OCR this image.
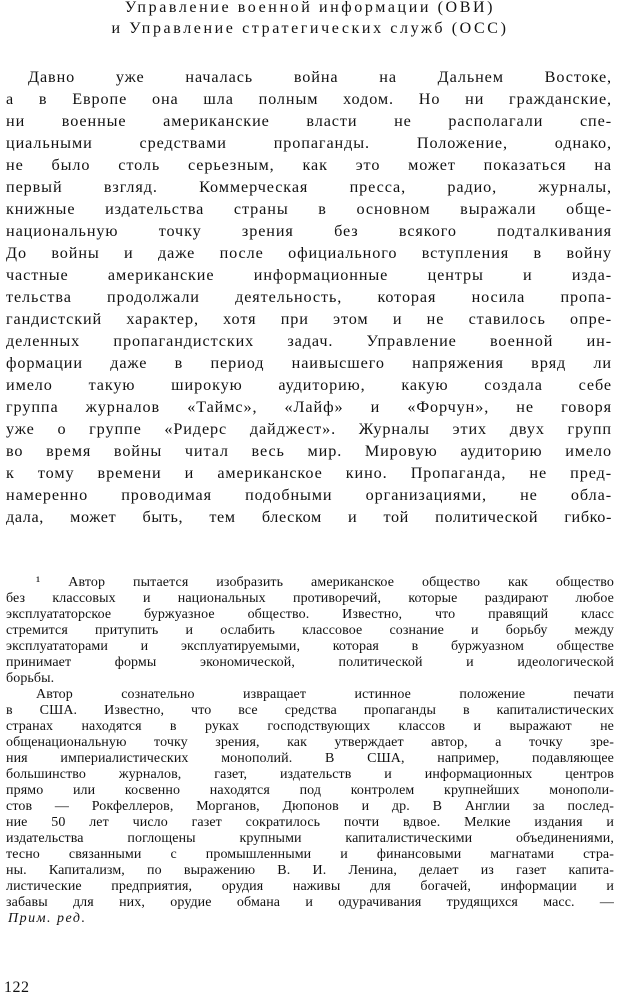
Управление военной информации (ОВИ)
и Управление стратегических служб (ОСС)
Давно уже началась война на Дальнем Востоке,
а в Европе она шла полным ходом. Но ни гражданские,
ни военные американские власти не располагали спе-
циальными средствами пропаганды. Положение, однако,
не было столь серьезным, как это может показаться на
первый взгляд. Коммерческая пресса, радио, журналы,
книжные издательства страны в основном выражали обще-
национальную точку зрения без всякого подталкивания
До войны и даже после официального вступления в войну
частные американские информационные центры и изда-
тельства продолжали деятельность, которая носила пропа-
гандистский характер, хотя при этом и не ставилось опре-
деленных пропагандистских задач. Управление военной ин-
формации даже в период наивысшего напряжения вряд ли
имело такую широкую аудиторию, какую создала себе
группа журналов «Таймс», «Лайф» и «Форчун», не говоря
уже о группе «Ридерс дайджест». Журналы этих двух групп
во время войны читал весь мир. Мировую аудиторию имело
к тому времени и американское кино. Пропаганда, не пред-
намеренно проводимая подобными организациями, не обла-
дала, может быть, тем блеском и той политической гибко-
¹ Автор пытается изобразить американское общество как общество
без классовых и национальных противоречий, которые раздирают любое
эксплуататорское буржуазное общество. Известно, что правящий класс
стремится притупить и ослабить классовое сознание и борьбу между
эксплуататорами и эксплуатируемыми, которая в буржуазном обществе
принимает формы экономической, политической и идеологической
борьбы.
Автор сознательно извращает истинное положение печати
в США. Известно, что все средства пропаганды в капиталистических
странах находятся в руках господствующих классов и выражают не
общенациональную точку зрения, как утверждает автор, а точку зре-
ния империалистических монополий. В США, например, подавляющее
большинство журналов, газет, издательств и информационных центров
прямо или косвенно находятся под контролем крупнейших монополи-
стов — Рокфеллеров, Морганов, Дюпонов и др. В Англии за послед-
ние 50 лет число газет сократилось почти вдвое. Мелкие издания и
издательства поглощены крупными капиталистическими объединениями,
тесно связанными с промышленными и финансовыми магнатами стра-
ны. Капитализм, по выражению В. И. Ленина, делает из газет капита-
листические предприятия, орудия наживы для богачей, информации и
забавы для них, орудие обмана и одурачивания трудящихся масс. —
Прим. ред.
122
